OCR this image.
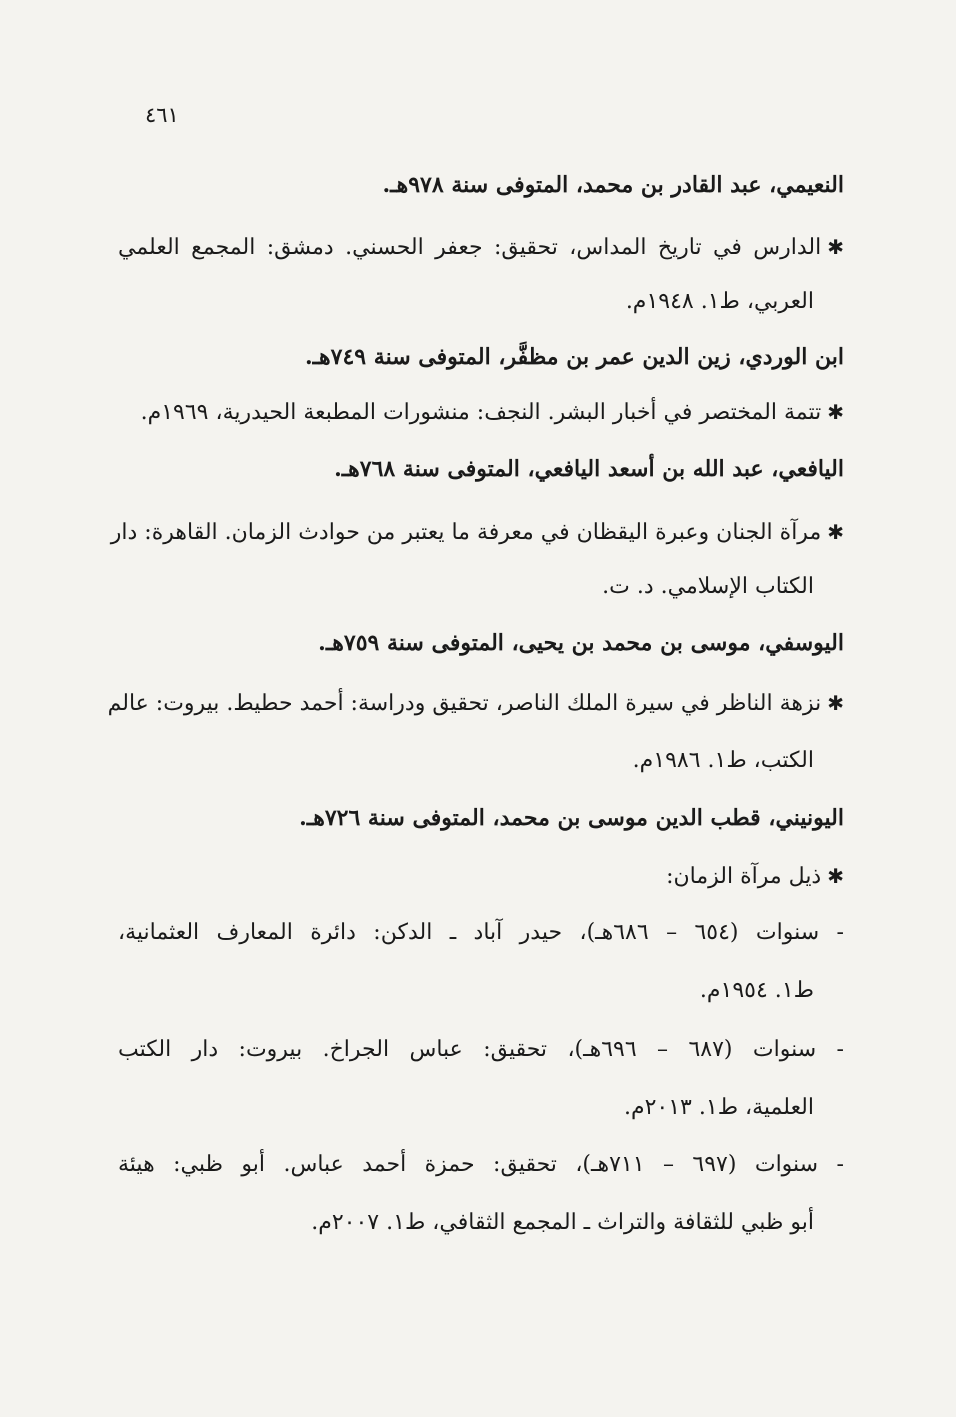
٤٦١
النعيمي، عبد القادر بن محمد، المتوفى سنة ٩٧٨هـ.
✱الدارس في تاريخ المداس، تحقيق: جعفر الحسني. دمشق: المجمع العلمي
العربي، ط١. ١٩٤٨م.
ابن الوردي، زين الدين عمر بن مظفَّر، المتوفى سنة ٧٤٩هـ.
✱تتمة المختصر في أخبار البشر. النجف: منشورات المطبعة الحيدرية، ١٩٦٩م.
اليافعي، عبد الله بن أسعد اليافعي، المتوفى سنة ٧٦٨هـ.
✱مرآة الجنان وعبرة اليقظان في معرفة ما يعتبر من حوادث الزمان. القاهرة: دار
الكتاب الإسلامي. د. ت.
اليوسفي، موسى بن محمد بن يحيى، المتوفى سنة ٧٥٩هـ.
✱نزهة الناظر في سيرة الملك الناصر، تحقيق ودراسة: أحمد حطيط. بيروت: عالم
الكتب، ط١. ١٩٨٦م.
اليونيني، قطب الدين موسى بن محمد، المتوفى سنة ٧٢٦هـ.
✱ذيل مرآة الزمان:
- سنوات (٦٥٤ – ٦٨٦هـ)، حيدر آباد ـ الدكن: دائرة المعارف العثمانية،
ط١. ١٩٥٤م.
- سنوات (٦٨٧ – ٦٩٦هـ)، تحقيق: عباس الجراخ. بيروت: دار الكتب
العلمية، ط١. ٢٠١٣م.
- سنوات (٦٩٧ – ٧١١هـ)، تحقيق: حمزة أحمد عباس. أبو ظبي: هيئة
أبو ظبي للثقافة والتراث ـ المجمع الثقافي، ط١. ٢٠٠٧م.
